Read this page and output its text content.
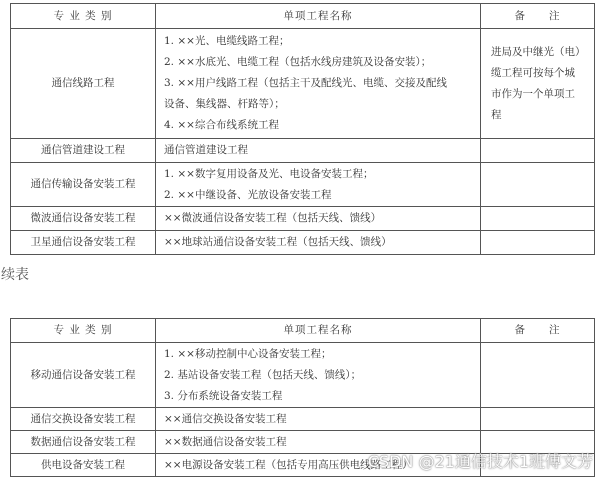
专 业 类 别	单项工程名称	备　　注
通信线路工程	1. ××光、电缆线路工程；
2. ××水底光、电缆工程（包括水线房建筑及设备安装）；
3. ××用户线路工程（包括主干及配线光、电缆、交接及配线
设备、集线器、杆路等）；
4. ××综合布线系统工程	进局及中继光（电）缆工程可按每个城市作为一个单项工程
通信管道建设工程	通信管道建设工程	

通信传输设备安装工程	1. ××数字复用设备及光、电设备安装工程；
2. ××中继设备、光放设备安装工程	

微波通信设备安装工程	××微波通信设备安装工程（包括天线、馈线）	

卫星通信设备安装工程	××地球站通信设备安装工程（包括天线、馈线）	

续表
专 业 类 别	单项工程名称	备　　注
移动通信设备安装工程	1. ××移动控制中心设备安装工程；
2. 基站设备安装工程（包括天线、馈线）；
3. 分布系统设备安装工程	

通信交换设备安装工程	××通信交换设备安装工程	

数据通信设备安装工程	××数据通信设备安装工程	

供电设备安装工程	××电源设备安装工程（包括专用高压供电线路工程）	

CSDN @21通信技术1班傅文芳
